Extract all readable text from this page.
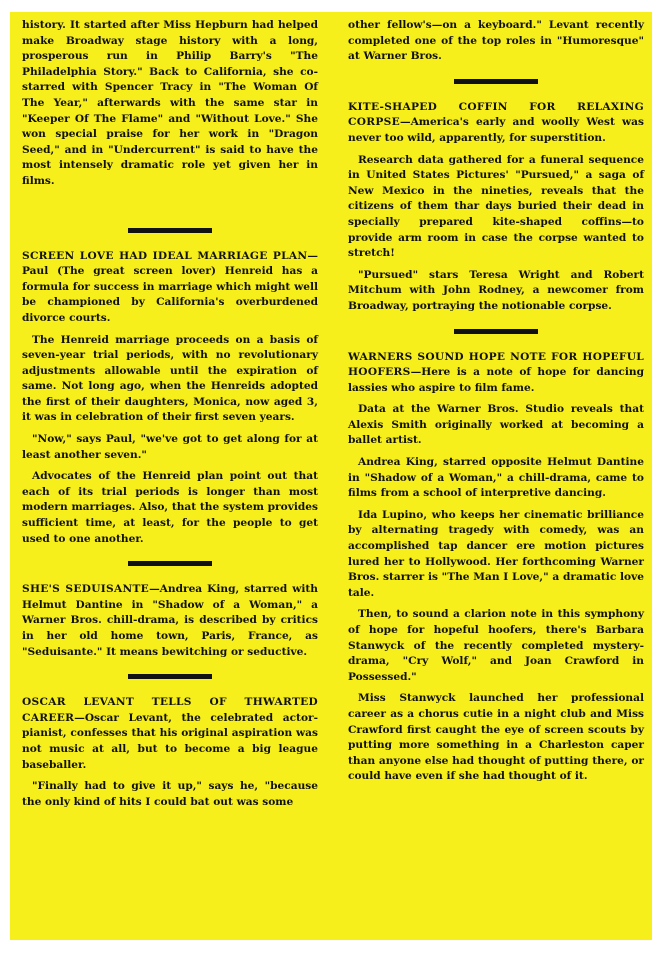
history. It started after Miss Hepburn had helped make Broadway stage history with a long, prosperous run in Philip Barry's "The Philadelphia Story." Back to California, she co-starred with Spencer Tracy in "The Woman Of The Year," afterwards with the same star in "Keeper Of The Flame" and "Without Love." She won special praise for her work in "Dragon Seed," and in "Undercurrent" is said to have the most intensely dramatic role yet given her in films.

SCREEN LOVE HAD IDEAL MARRIAGE PLAN—Paul (The great screen lover) Henreid has a formula for success in marriage which might well be championed by California's overburdened divorce courts.

The Henreid marriage proceeds on a basis of seven-year trial periods, with no revolutionary adjustments allowable until the expiration of same. Not long ago, when the Henreids adopted the first of their daughters, Monica, now aged 3, it was in celebration of their first seven years.

"Now," says Paul, "we've got to get along for at least another seven."

Advocates of the Henreid plan point out that each of its trial periods is longer than most modern marriages. Also, that the system provides sufficient time, at least, for the people to get used to one another.

SHE'S SEDUISANTE—Andrea King, starred with Helmut Dantine in "Shadow of a Woman," a Warner Bros. chill-drama, is described by critics in her old home town, Paris, France, as "Seduisante." It means bewitching or seductive.

OSCAR LEVANT TELLS OF THWARTED CAREER—Oscar Levant, the celebrated actor-pianist, confesses that his original aspiration was not music at all, but to become a big league baseballer.

"Finally had to give it up," says he, "because the only kind of hits I could bat out was some

other fellow's—on a keyboard." Levant recently completed one of the top roles in "Humoresque" at Warner Bros.

KITE-SHAPED COFFIN FOR RELAXING CORPSE—America's early and woolly West was never too wild, apparently, for superstition.

Research data gathered for a funeral sequence in United States Pictures' "Pursued," a saga of New Mexico in the nineties, reveals that the citizens of them thar days buried their dead in specially prepared kite-shaped coffins—to provide arm room in case the corpse wanted to stretch!

"Pursued" stars Teresa Wright and Robert Mitchum with John Rodney, a newcomer from Broadway, portraying the notionable corpse.

WARNERS SOUND HOPE NOTE FOR HOPEFUL HOOFERS—Here is a note of hope for dancing lassies who aspire to film fame.

Data at the Warner Bros. Studio reveals that Alexis Smith originally worked at becoming a ballet artist.

Andrea King, starred opposite Helmut Dantine in "Shadow of a Woman," a chill-drama, came to films from a school of interpretive dancing.

Ida Lupino, who keeps her cinematic brilliance by alternating tragedy with comedy, was an accomplished tap dancer ere motion pictures lured her to Hollywood. Her forthcoming Warner Bros. starrer is "The Man I Love," a dramatic love tale.

Then, to sound a clarion note in this symphony of hope for hopeful hoofers, there's Barbara Stanwyck of the recently completed mystery-drama, "Cry Wolf," and Joan Crawford in Possessed."

Miss Stanwyck launched her professional career as a chorus cutie in a night club and Miss Crawford first caught the eye of screen scouts by putting more something in a Charleston caper than anyone else had thought of putting there, or could have even if she had thought of it.
